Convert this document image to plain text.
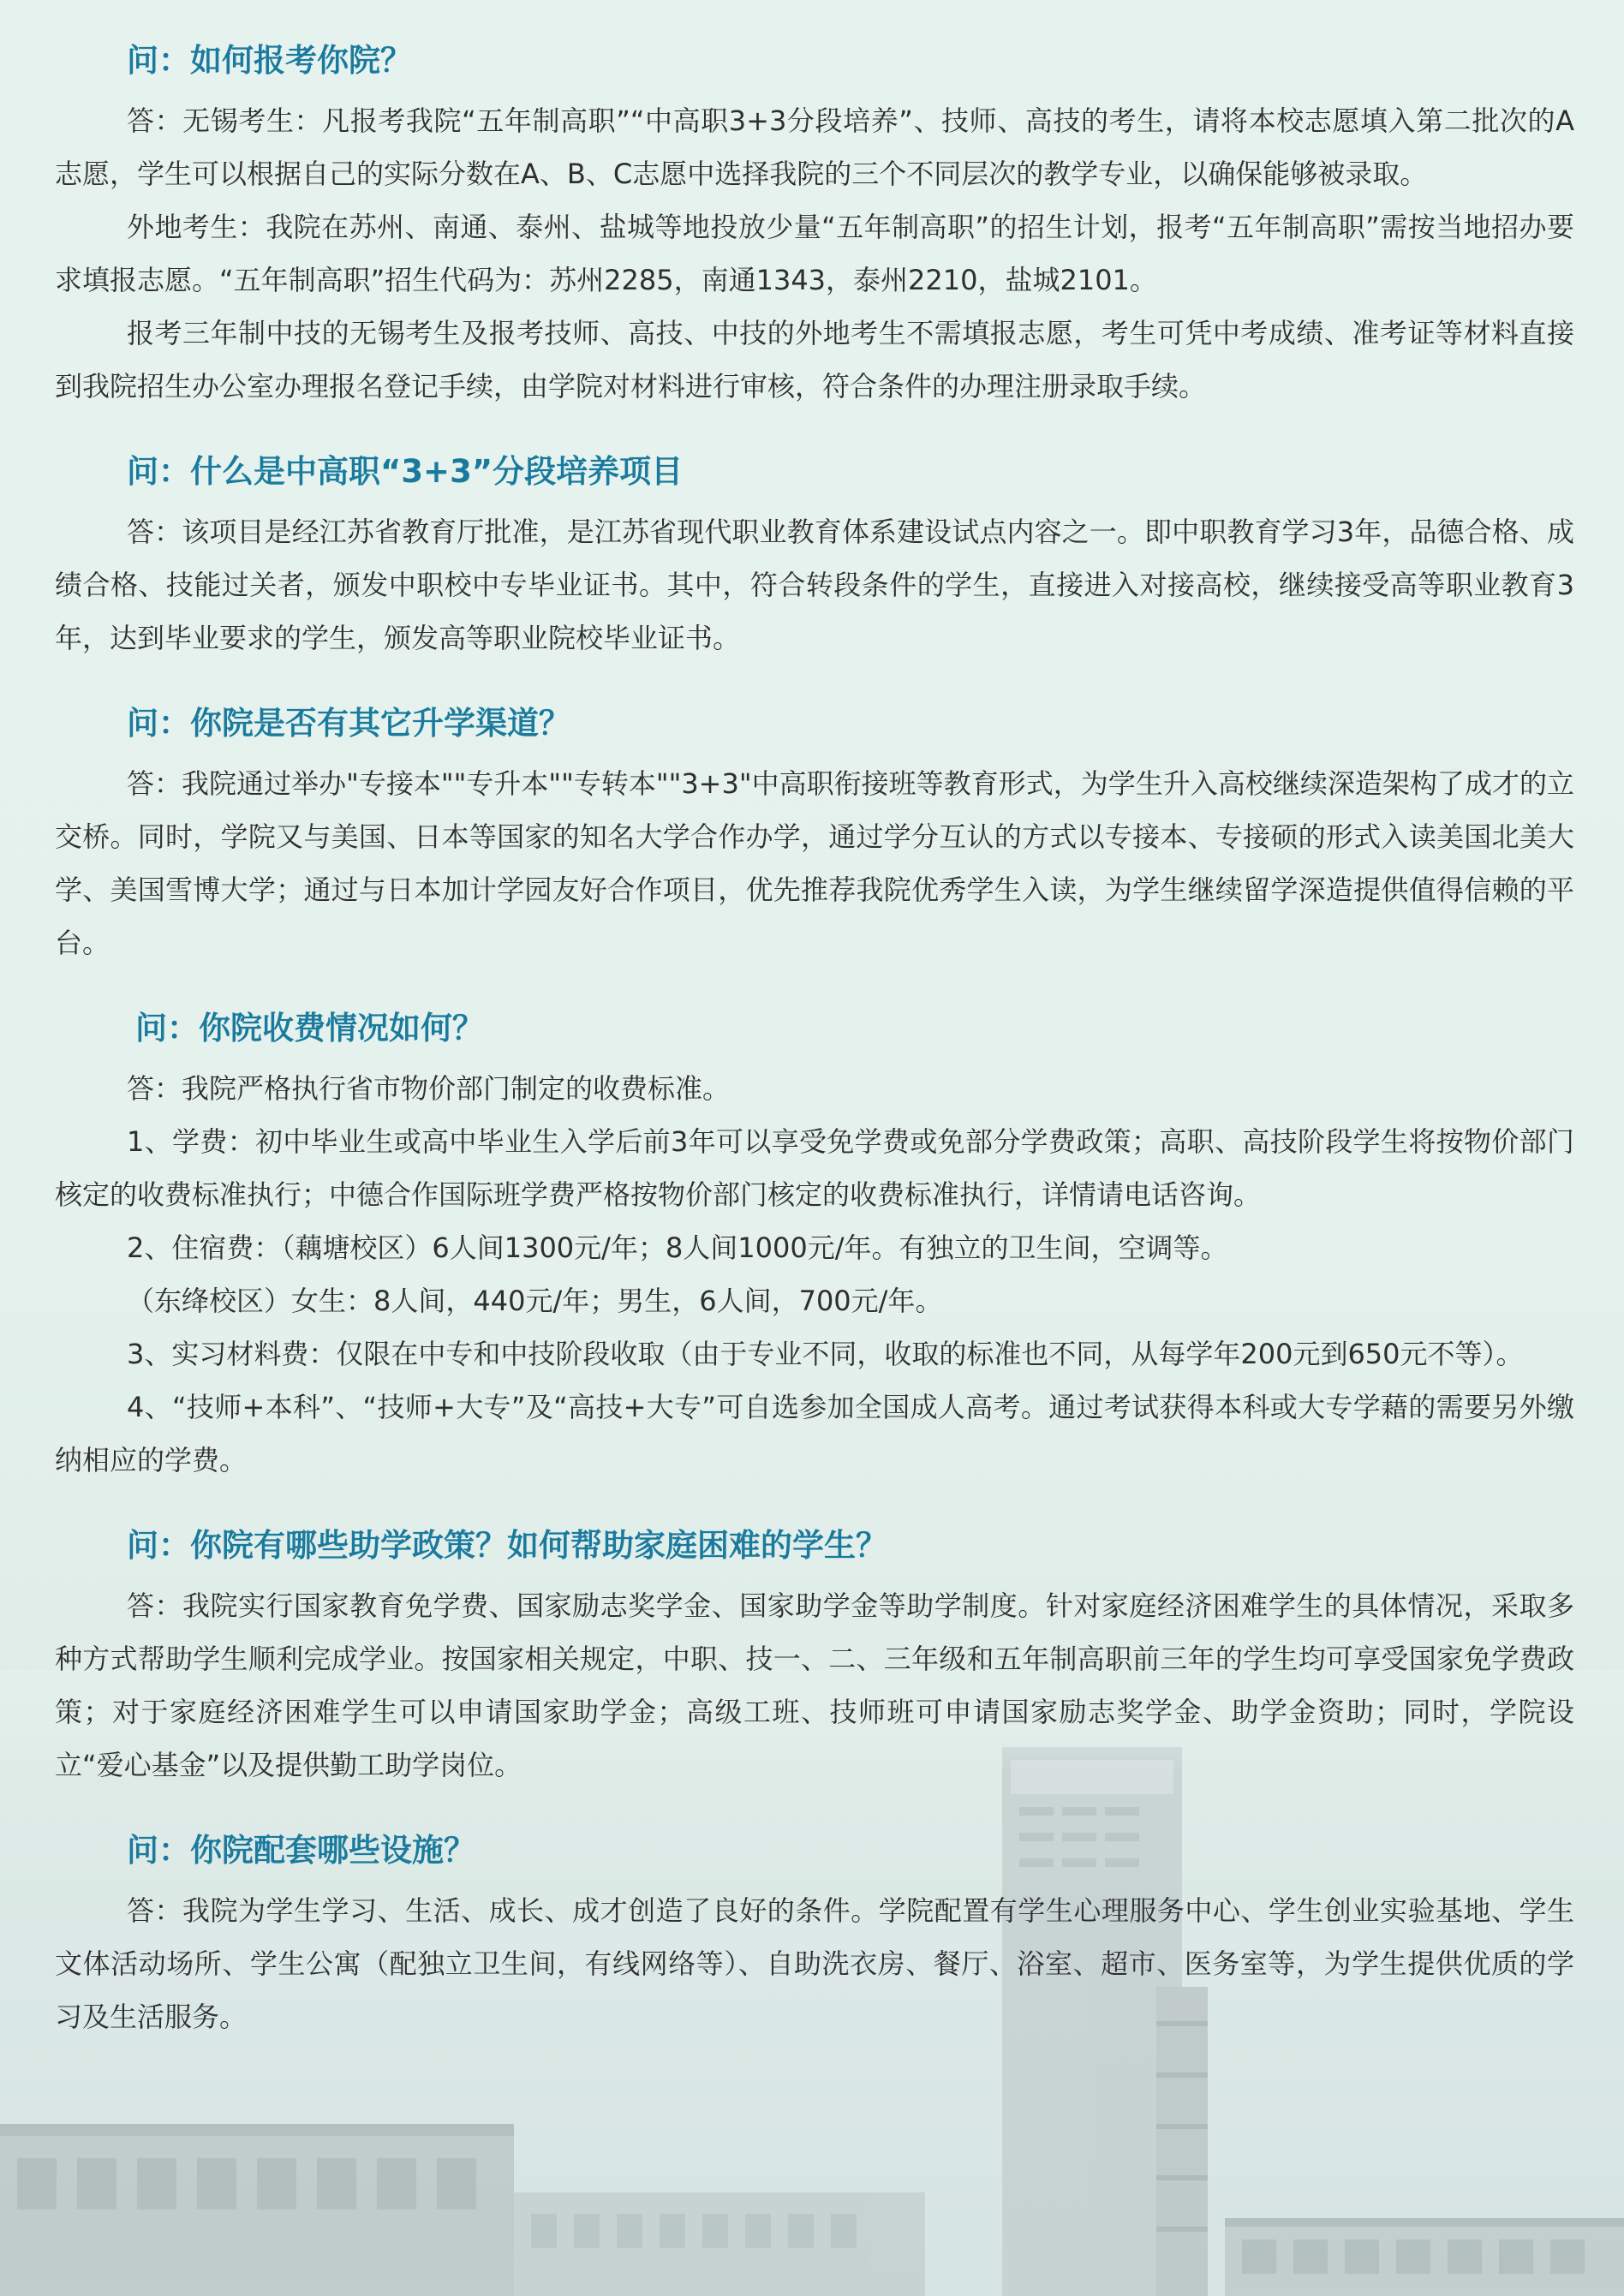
问：如何报考你院？

答：无锡考生：凡报考我院“五年制高职”“中高职3+3分段培养”、技师、高技的考生，请将本校志愿填入第二批次的A志愿，学生可以根据自己的实际分数在A、B、C志愿中选择我院的三个不同层次的教学专业，以确保能够被录取。

外地考生：我院在苏州、南通、泰州、盐城等地投放少量“五年制高职”的招生计划，报考“五年制高职”需按当地招办要求填报志愿。“五年制高职”招生代码为：苏州2285，南通1343，泰州2210，盐城2101。

报考三年制中技的无锡考生及报考技师、高技、中技的外地考生不需填报志愿，考生可凭中考成绩、准考证等材料直接到我院招生办公室办理报名登记手续，由学院对材料进行审核，符合条件的办理注册录取手续。

问：什么是中高职“3+3”分段培养项目

答：该项目是经江苏省教育厅批准，是江苏省现代职业教育体系建设试点内容之一。即中职教育学习3年，品德合格、成绩合格、技能过关者，颁发中职校中专毕业证书。其中，符合转段条件的学生，直接进入对接高校，继续接受高等职业教育3年，达到毕业要求的学生，颁发高等职业院校毕业证书。

问：你院是否有其它升学渠道？

答：我院通过举办"专接本""专升本""专转本""3+3"中高职衔接班等教育形式，为学生升入高校继续深造架构了成才的立交桥。同时，学院又与美国、日本等国家的知名大学合作办学，通过学分互认的方式以专接本、专接硕的形式入读美国北美大学、美国雪博大学；通过与日本加计学园友好合作项目，优先推荐我院优秀学生入读，为学生继续留学深造提供值得信赖的平台。

问：你院收费情况如何？

答：我院严格执行省市物价部门制定的收费标准。

1、学费：初中毕业生或高中毕业生入学后前3年可以享受免学费或免部分学费政策；高职、高技阶段学生将按物价部门核定的收费标准执行；中德合作国际班学费严格按物价部门核定的收费标准执行，详情请电话咨询。

2、住宿费：（藕塘校区）6人间1300元/年；8人间1000元/年。有独立的卫生间，空调等。

（东绛校区）女生：8人间，440元/年；男生，6人间，700元/年。

3、实习材料费：仅限在中专和中技阶段收取（由于专业不同，收取的标准也不同，从每学年200元到650元不等）。

4、“技师+本科”、“技师+大专”及“高技+大专”可自选参加全国成人高考。通过考试获得本科或大专学藉的需要另外缴纳相应的学费。

问：你院有哪些助学政策？如何帮助家庭困难的学生？

答：我院实行国家教育免学费、国家励志奖学金、国家助学金等助学制度。针对家庭经济困难学生的具体情况，采取多种方式帮助学生顺利完成学业。按国家相关规定，中职、技一、二、三年级和五年制高职前三年的学生均可享受国家免学费政策；对于家庭经济困难学生可以申请国家助学金；高级工班、技师班可申请国家励志奖学金、助学金资助；同时，学院设立“爱心基金”以及提供勤工助学岗位。

问：你院配套哪些设施？

答：我院为学生学习、生活、成长、成才创造了良好的条件。学院配置有学生心理服务中心、学生创业实验基地、学生文体活动场所、学生公寓（配独立卫生间，有线网络等）、自助洗衣房、餐厅、浴室、超市、医务室等，为学生提供优质的学习及生活服务。
